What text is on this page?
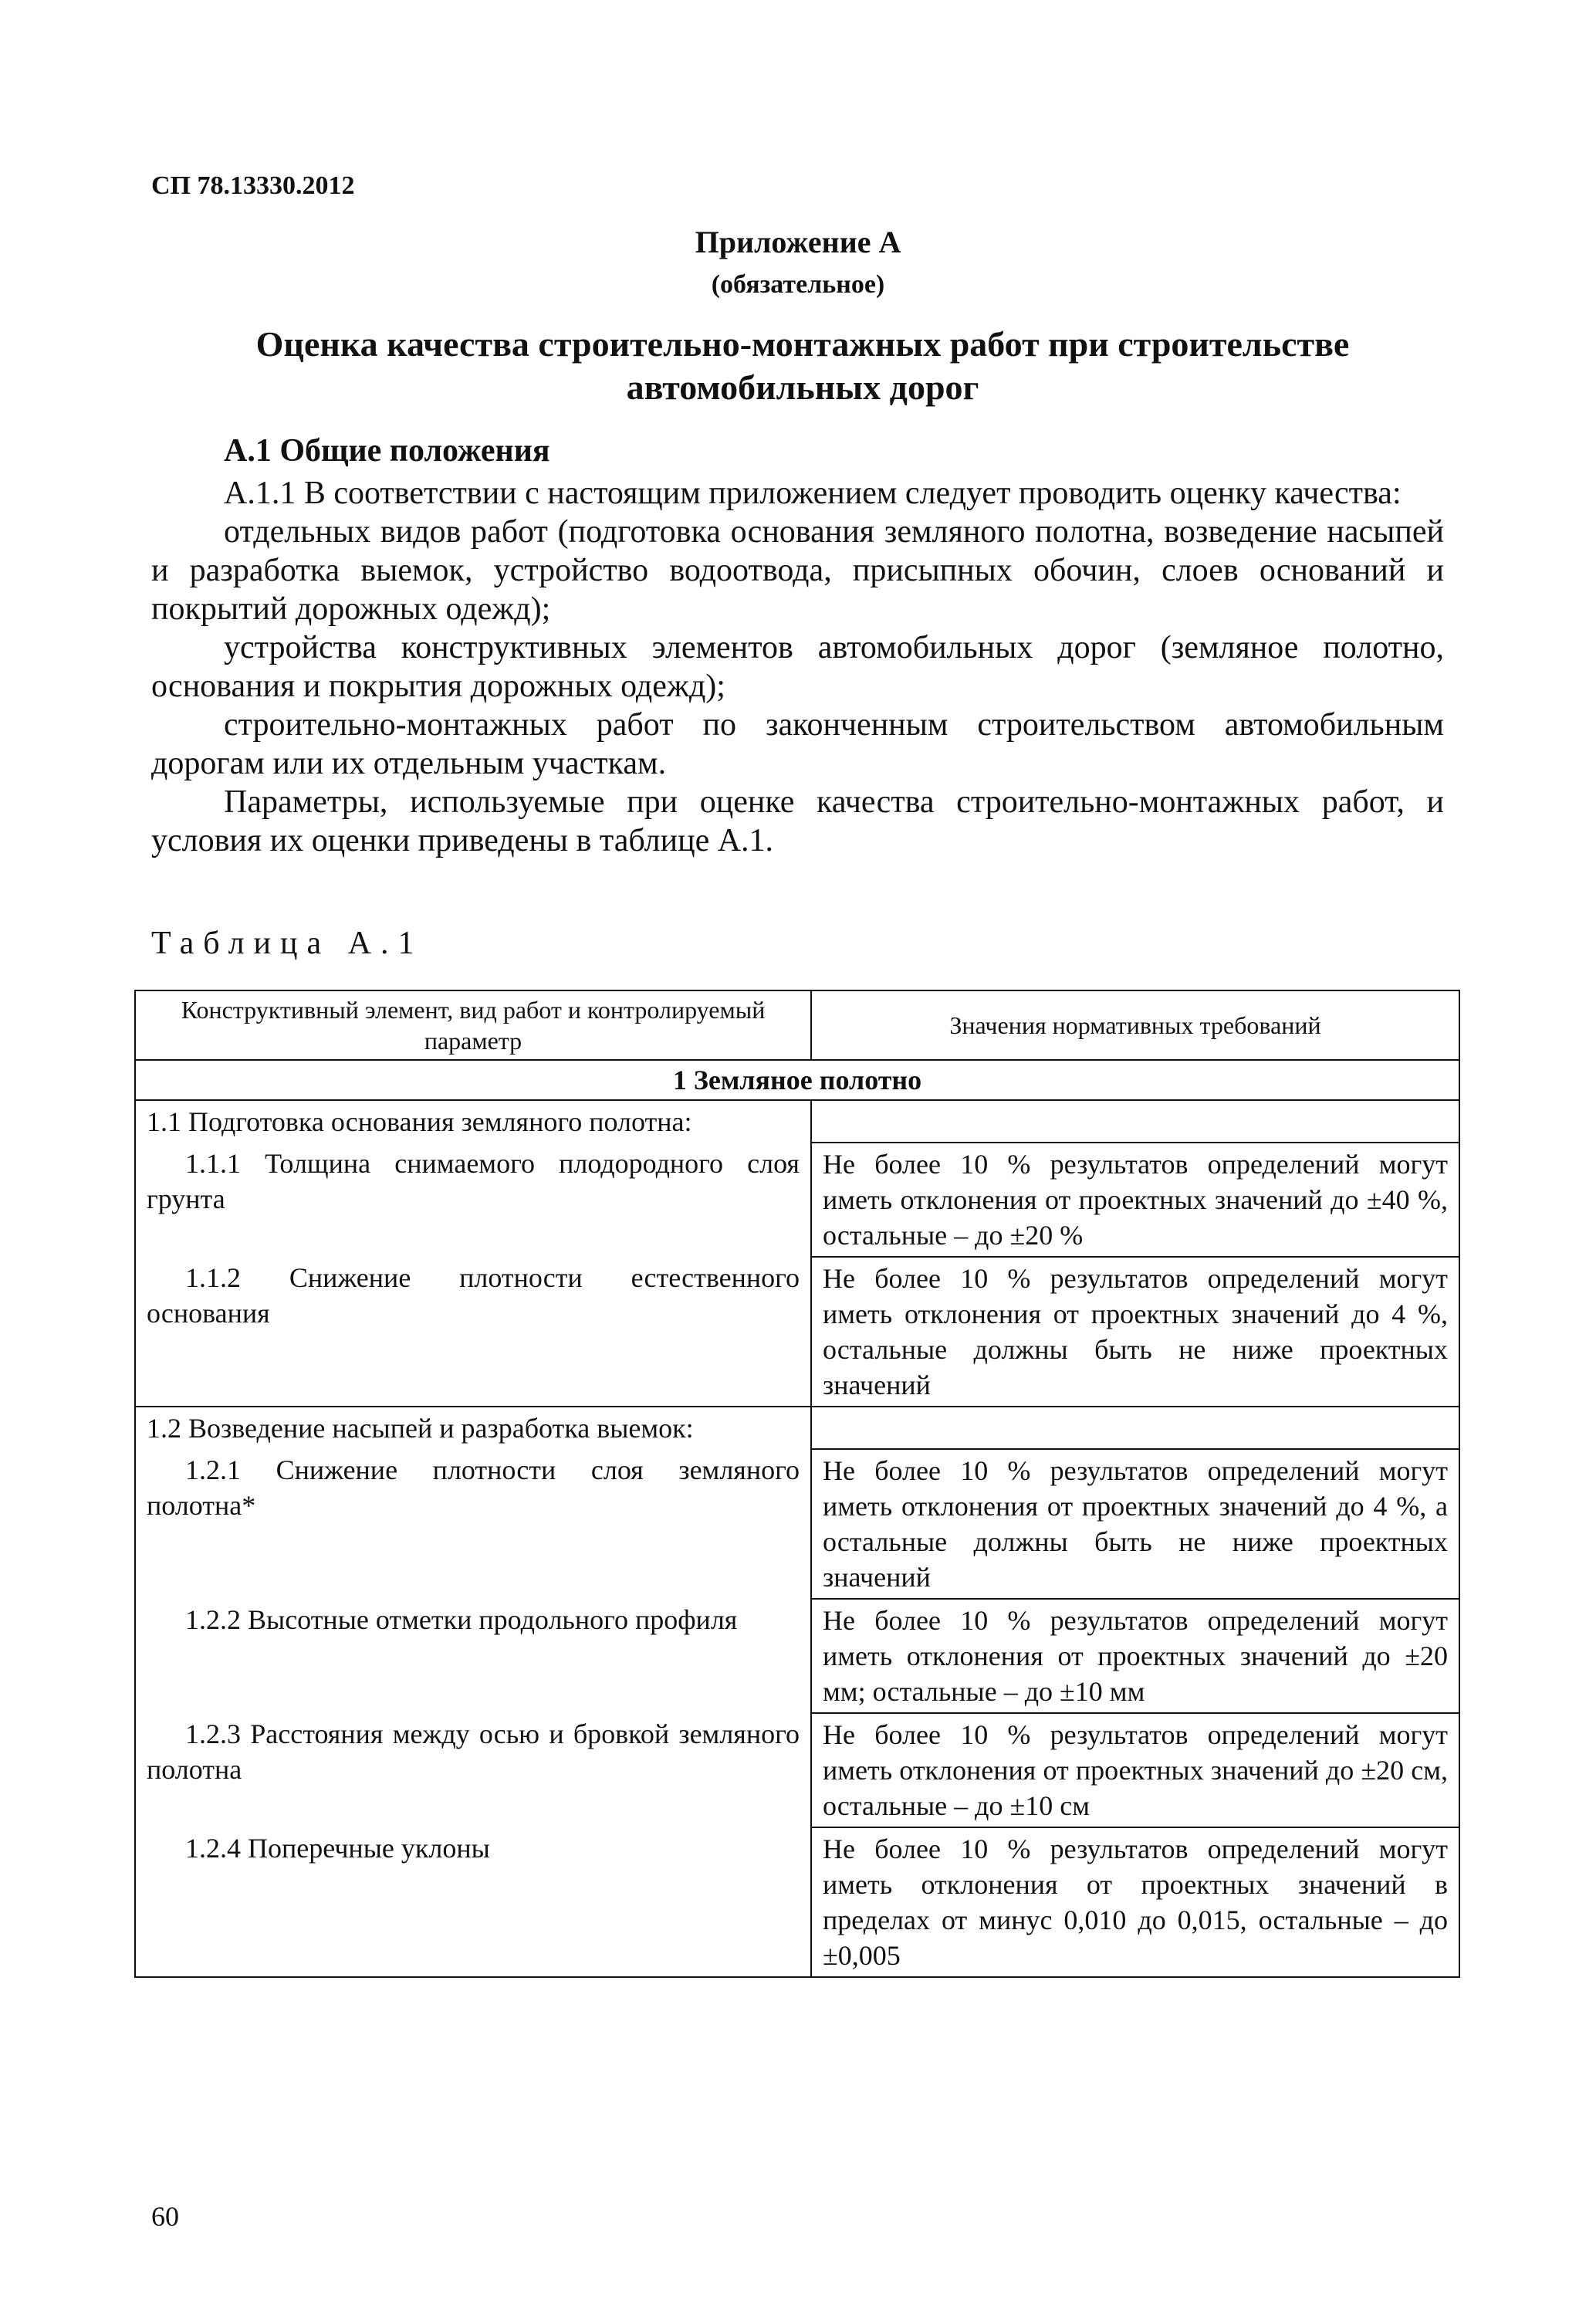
СП 78.13330.2012
Приложение А
(обязательное)
Оценка качества строительно-монтажных работ при строительстве автомобильных дорог
А.1 Общие положения

А.1.1 В соответствии с настоящим приложением следует проводить оценку качества:

отдельных видов работ (подготовка основания земляного полотна, возведение насыпей и разработка выемок, устройство водоотвода, присыпных обочин, слоев оснований и покрытий дорожных одежд);

устройства конструктивных элементов автомобильных дорог (земляное полотно, основания и покрытия дорожных одежд);

строительно-монтажных работ по законченным строительством автомобильным дорогам или их отдельным участкам.

Параметры, используемые при оценке качества строительно-монтажных работ, и условия их оценки приведены в таблице А.1.

Таблица А.1
Конструктивный элемент, вид работ и контролируемый параметр	Значения нормативных требований
1 Земляное полотно	
1.1 Подготовка основания земляного полотна:	

1.1.1 Толщина снимаемого плодородного слоя грунта	Не более 10 % результатов определений могут иметь отклонения от проектных значений до ±40 %, остальные – до ±20 %

1.1.2 Снижение плотности естественного основания	Не более 10 % результатов определений могут иметь отклонения от проектных значений до 4 %, остальные должны быть не ниже проектных значений
1.2 Возведение насыпей и разработка выемок:	

1.2.1 Снижение плотности слоя земляного полотна*	Не более 10 % результатов определений могут иметь отклонения от проектных значений до 4 %, а остальные должны быть не ниже проектных значений

1.2.2 Высотные отметки продольного профиля	Не более 10 % результатов определений могут иметь отклонения от проектных значений до ±20 мм; остальные – до ±10 мм

1.2.3 Расстояния между осью и бровкой земляного полотна	Не более 10 % результатов определений могут иметь отклонения от проектных значений до ±20 см, остальные – до ±10 см

1.2.4 Поперечные уклоны	Не более 10 % результатов определений могут иметь отклонения от проектных значений в пределах от минус 0,010 до 0,015, остальные – до ±0,005
60
